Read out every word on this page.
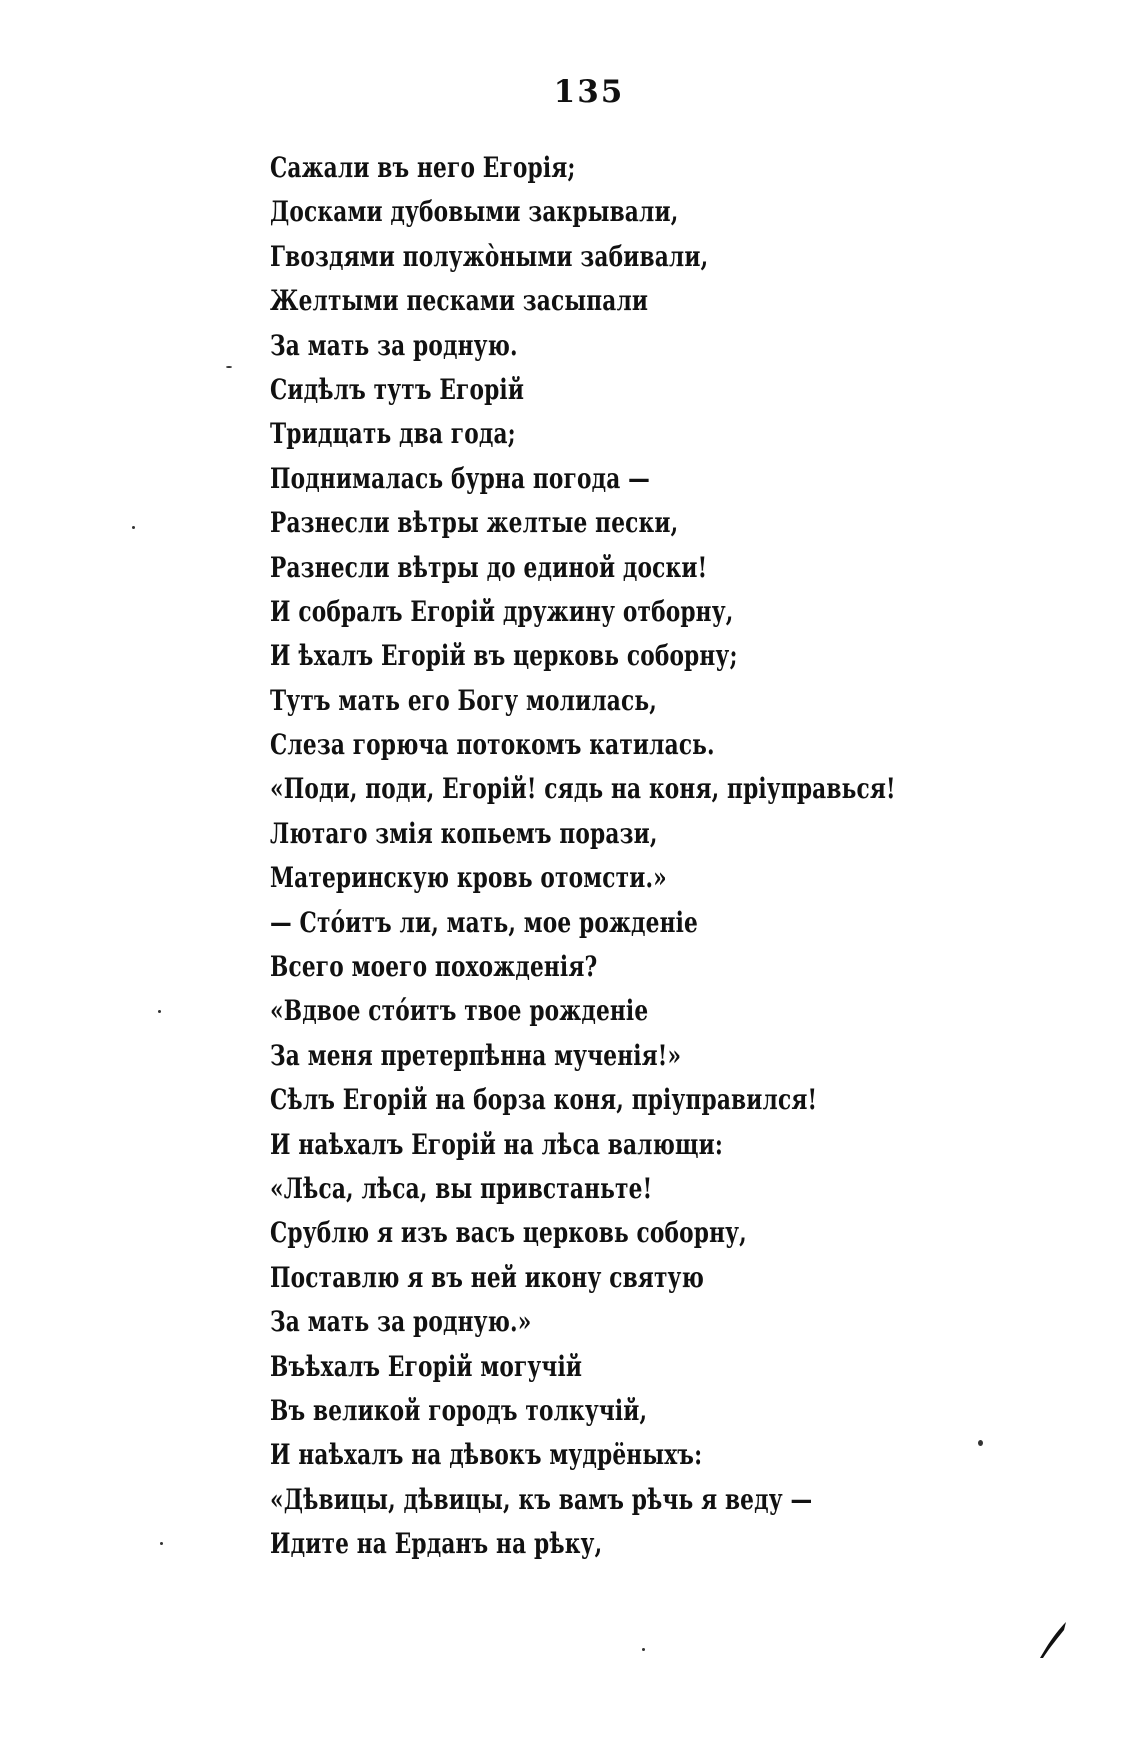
135
Сажали въ него Егорія;
Досками дубовыми закрывали,
Гвоздями полужо̀ными забивали,
Желтыми песками засыпали
За мать за родную.
Сидѣлъ тутъ Егорій
Тридцать два года;
Поднималась бурна погода —
Разнесли вѣтры желтые пески,
Разнесли вѣтры до единой доски!
И собралъ Егорій дружину отборну,
И ѣхалъ Егорій въ церковь соборну;
Тутъ мать его Богу молилась,
Слеза горюча потокомъ катилась.
«Поди, поди, Егорій! сядь на коня, пріуправься!
Лютаго змія копьемъ порази,
Материнскую кровь отомсти.»
— Сто́итъ ли, мать, мое рожденіе
Всего моего похожденія?
«Вдвое сто́итъ твое рожденіе
За меня претерпѣнна мученія!»
Сѣлъ Егорій на борза коня, пріуправился!
И наѣхалъ Егорій на лѣса валющи:
«Лѣса, лѣса, вы привстаньте!
Срублю я изъ васъ церковь соборну,
Поставлю я въ ней икону святую
За мать за родную.»
Въѣхалъ Егорій могучій
Въ великой городъ толкучій,
И наѣхалъ на дѣвокъ мудрёныхъ:
«Дѣвицы, дѣвицы, къ вамъ рѣчь я веду —
Идите на Ерданъ на рѣку,
